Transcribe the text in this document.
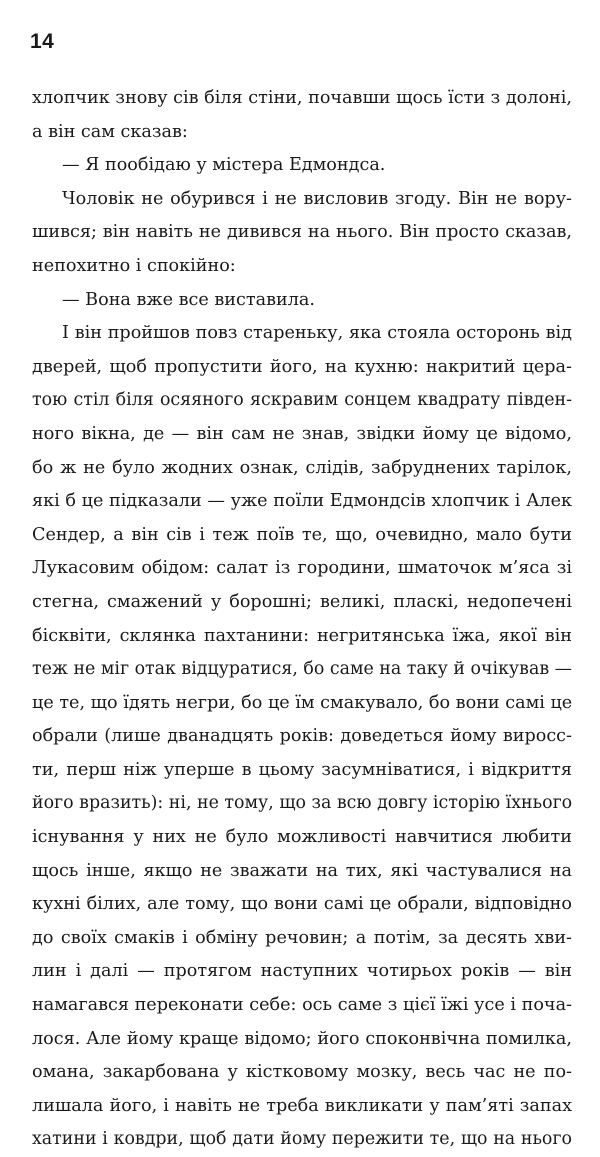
14
хлопчик знову сів біля стіни, почавши щось їсти з долоні,
а він сам сказав:
— Я пообідаю у містера Едмондса.
Чоловік не обурився і не висловив згоду. Він не вору-
шився; він навіть не дивився на нього. Він просто сказав,
непохитно і спокійно:
— Вона вже все виставила.
І він пройшов повз стареньку, яка стояла осторонь від
дверей, щоб пропустити його, на кухню: накритий цера-
тою стіл біля осяяного яскравим сонцем квадрату півден-
ного вікна, де — він сам не знав, звідки йому це відомо,
бо ж не було жодних ознак, слідів, забруднених тарілок,
які б це підказали — уже поїли Едмондсів хлопчик і Алек
Сендер, а він сів і теж поїв те, що, очевидно, мало бути
Лукасовим обідом: салат із городини, шматочок м’яса зі
стегна, смажений у борошні; великі, пласкі, недопечені
бісквіти, склянка пахтанини: негритянська їжа, якої він
теж не міг отак відцуратися, бо саме на таку й очікував —
це те, що їдять негри, бо це їм смакувало, бо вони самі це
обрали (лише дванадцять років: доведеться йому виросс-
ти, перш ніж уперше в цьому засумніватися, і відкриття
його вразить): ні, не тому, що за всю довгу історію їхнього
існування у них не було можливості навчитися любити
щось інше, якщо не зважати на тих, які частувалися на
кухні білих, але тому, що вони самі це обрали, відповідно
до своїх смаків і обміну речовин; а потім, за десять хви-
лин і далі — протягом наступних чотирьох років — він
намагався переконати себе: ось саме з цієї їжі усе і поча-
лося. Але йому краще відомо; його споконвічна помилка,
омана, закарбована у кістковому мозку, весь час не по-
лишала його, і навіть не треба викликати у пам’яті запах
хатини і ковдри, щоб дати йому пережити те, що на нього
